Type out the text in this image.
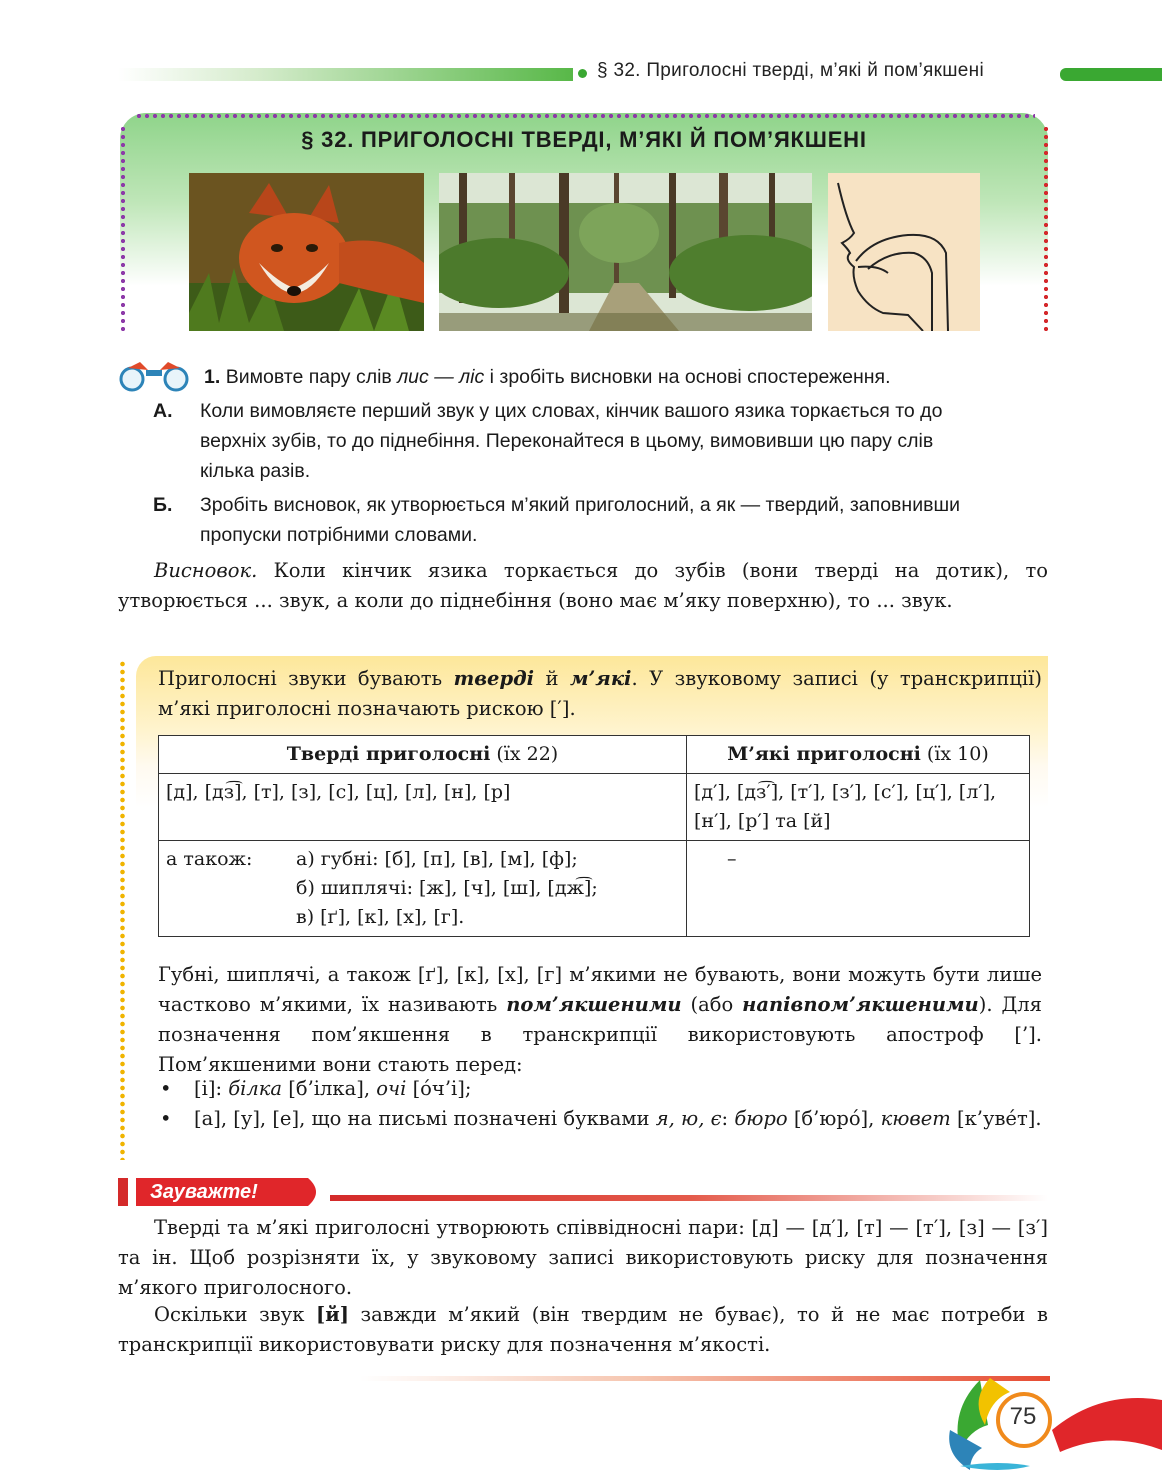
§ 32. Приголосні тверді, м’які й пом’якшені
§ 32. ПРИГОЛОСНІ ТВЕРДІ, М’ЯКІ Й ПОМ’ЯКШЕНІ
1. Вимовте пару слів лис — ліс і зробіть висновки на основі спостереження.
А. Коли вимовляєте перший звук у цих словах, кінчик вашого язика торкається то до верхніх зубів, то до піднебіння. Переконайтеся в цьому, вимовивши цю пару слів кілька разів.
Б. Зробіть висновок, як утворюється м’який приголосний, а як — твердий, заповнивши пропуски потрібними словами.
Висновок. Коли кінчик язика торкається до зубів (вони тверді на дотик), то утворюється ... звук, а коли до піднебіння (воно має м’яку поверхню), то ... звук.
Приголосні звуки бувають тверді й м’які. У звуковому записі (у транскрипції) м’які приголосні позначають рискою [′].
Тверді приголосні (їх 22)	М’які приголосні (їх 10)
[д], [дз͡], [т], [з], [с], [ц], [л], [н], [р]	[д′], [дз͡′], [т′], [з′], [с′], [ц′], [л′], [н′], [р′] та [й]

а також: а) губні: [б], [п], [в], [м], [ф];
б) шиплячі: [ж], [ч], [ш], [дж͡];
в) [ґ], [к], [х], [г].	–
Губні, шиплячі, а також [ґ], [к], [х], [г] м’якими не бувають, вони можуть бути лише частково м’якими, їх називають пом’якшеними (або напівпом’якшеними). Для позначення пом’якшення в транскрипції використовують апостроф [’]. Пом’якшеними вони стають перед:
• [і]: білка [б’ілка], очі [óч’і];
• [а], [у], [е], що на письмі позначені буквами я, ю, є: бюро [б’юрó], кювет [к’увéт].
Зауважте!
Тверді та м’які приголосні утворюють співвідносні пари: [д] — [д′], [т] — [т′], [з] — [з′] та ін. Щоб розрізняти їх, у звуковому записі використовують риску для позначення м’якого приголосного.
Оскільки звук [й] завжди м’який (він твердим не буває), то й не має потреби в транскрипції використовувати риску для позначення м’якості.
75
